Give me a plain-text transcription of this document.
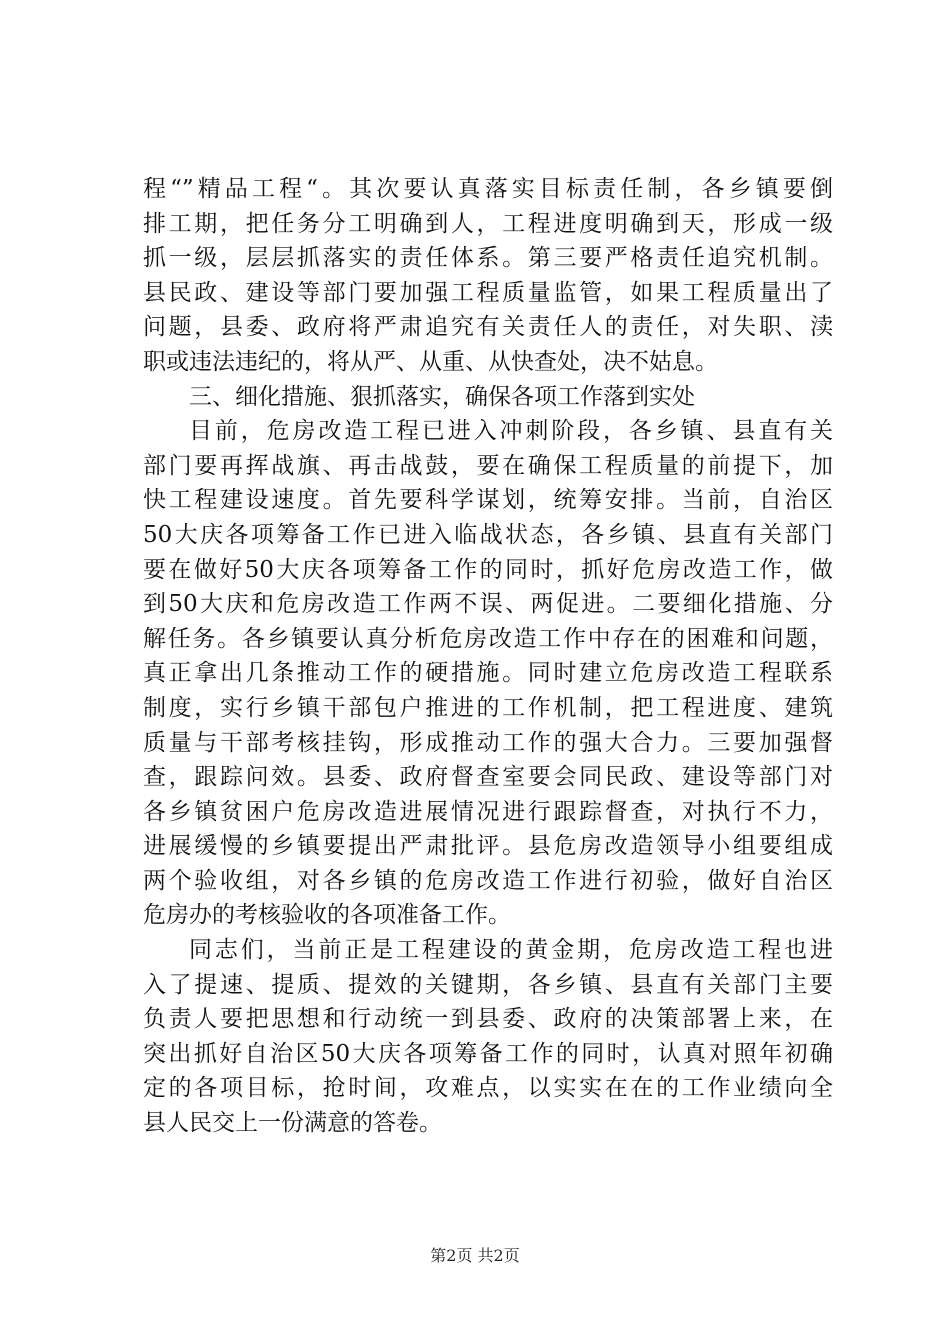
程“”精品工程“。其次要认真落实目标责任制，各乡镇要倒
排工期，把任务分工明确到人，工程进度明确到天，形成一级
抓一级，层层抓落实的责任体系。第三要严格责任追究机制。
县民政、建设等部门要加强工程质量监管，如果工程质量出了
问题，县委、政府将严肃追究有关责任人的责任，对失职、渎
职或违法违纪的，将从严、从重、从快查处，决不姑息。
三、细化措施、狠抓落实，确保各项工作落到实处
目前，危房改造工程已进入冲刺阶段，各乡镇、县直有关
部门要再挥战旗、再击战鼓，要在确保工程质量的前提下，加
快工程建设速度。首先要科学谋划，统筹安排。当前，自治区
50大庆各项筹备工作已进入临战状态，各乡镇、县直有关部门
要在做好50大庆各项筹备工作的同时，抓好危房改造工作，做
到50大庆和危房改造工作两不误、两促进。二要细化措施、分
解任务。各乡镇要认真分析危房改造工作中存在的困难和问题，
真正拿出几条推动工作的硬措施。同时建立危房改造工程联系
制度，实行乡镇干部包户推进的工作机制，把工程进度、建筑
质量与干部考核挂钩，形成推动工作的强大合力。三要加强督
查，跟踪问效。县委、政府督查室要会同民政、建设等部门对
各乡镇贫困户危房改造进展情况进行跟踪督查，对执行不力，
进展缓慢的乡镇要提出严肃批评。县危房改造领导小组要组成
两个验收组，对各乡镇的危房改造工作进行初验，做好自治区
危房办的考核验收的各项准备工作。
同志们，当前正是工程建设的黄金期，危房改造工程也进
入了提速、提质、提效的关键期，各乡镇、县直有关部门主要
负责人要把思想和行动统一到县委、政府的决策部署上来，在
突出抓好自治区50大庆各项筹备工作的同时，认真对照年初确
定的各项目标，抢时间，攻难点，以实实在在的工作业绩向全
县人民交上一份满意的答卷。
第2页 共2页
